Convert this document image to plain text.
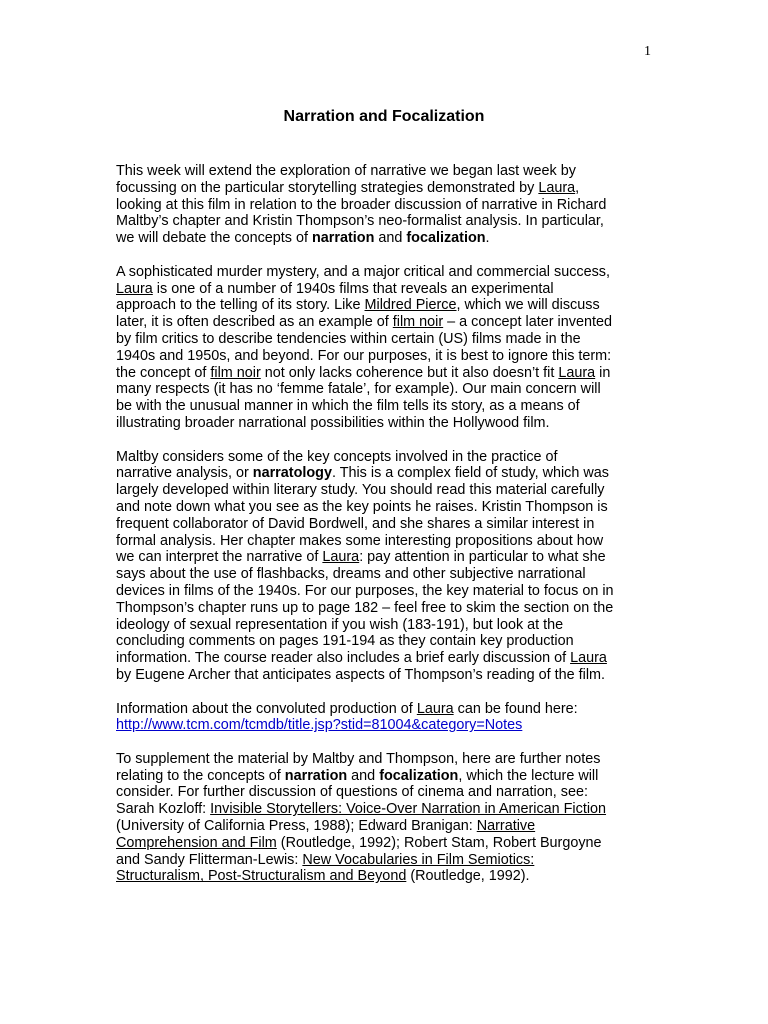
1
Narration and Focalization
This week will extend the exploration of narrative we began last week by
focussing on the particular storytelling strategies demonstrated by Laura,
looking at this film in relation to the broader discussion of narrative in Richard
Maltby’s chapter and Kristin Thompson’s neo-formalist analysis. In particular,
we will debate the concepts of narration and focalization.
A sophisticated murder mystery, and a major critical and commercial success,
Laura is one of a number of 1940s films that reveals an experimental
approach to the telling of its story. Like Mildred Pierce, which we will discuss
later, it is often described as an example of film noir – a concept later invented
by film critics to describe tendencies within certain (US) films made in the
1940s and 1950s, and beyond. For our purposes, it is best to ignore this term:
the concept of film noir not only lacks coherence but it also doesn’t fit Laura in
many respects (it has no ‘femme fatale’, for example). Our main concern will
be with the unusual manner in which the film tells its story, as a means of
illustrating broader narrational possibilities within the Hollywood film.
Maltby considers some of the key concepts involved in the practice of
narrative analysis, or narratology. This is a complex field of study, which was
largely developed within literary study. You should read this material carefully
and note down what you see as the key points he raises. Kristin Thompson is
frequent collaborator of David Bordwell, and she shares a similar interest in
formal analysis. Her chapter makes some interesting propositions about how
we can interpret the narrative of Laura: pay attention in particular to what she
says about the use of flashbacks, dreams and other subjective narrational
devices in films of the 1940s. For our purposes, the key material to focus on in
Thompson’s chapter runs up to page 182 – feel free to skim the section on the
ideology of sexual representation if you wish (183-191), but look at the
concluding comments on pages 191-194 as they contain key production
information. The course reader also includes a brief early discussion of Laura
by Eugene Archer that anticipates aspects of Thompson’s reading of the film.
Information about the convoluted production of Laura can be found here:
http://www.tcm.com/tcmdb/title.jsp?stid=81004&category=Notes
To supplement the material by Maltby and Thompson, here are further notes
relating to the concepts of narration and focalization, which the lecture will
consider. For further discussion of questions of cinema and narration, see:
Sarah Kozloff: Invisible Storytellers: Voice-Over Narration in American Fiction
(University of California Press, 1988); Edward Branigan: Narrative
Comprehension and Film (Routledge, 1992); Robert Stam, Robert Burgoyne
and Sandy Flitterman-Lewis: New Vocabularies in Film Semiotics:
Structuralism, Post-Structuralism and Beyond (Routledge, 1992).
